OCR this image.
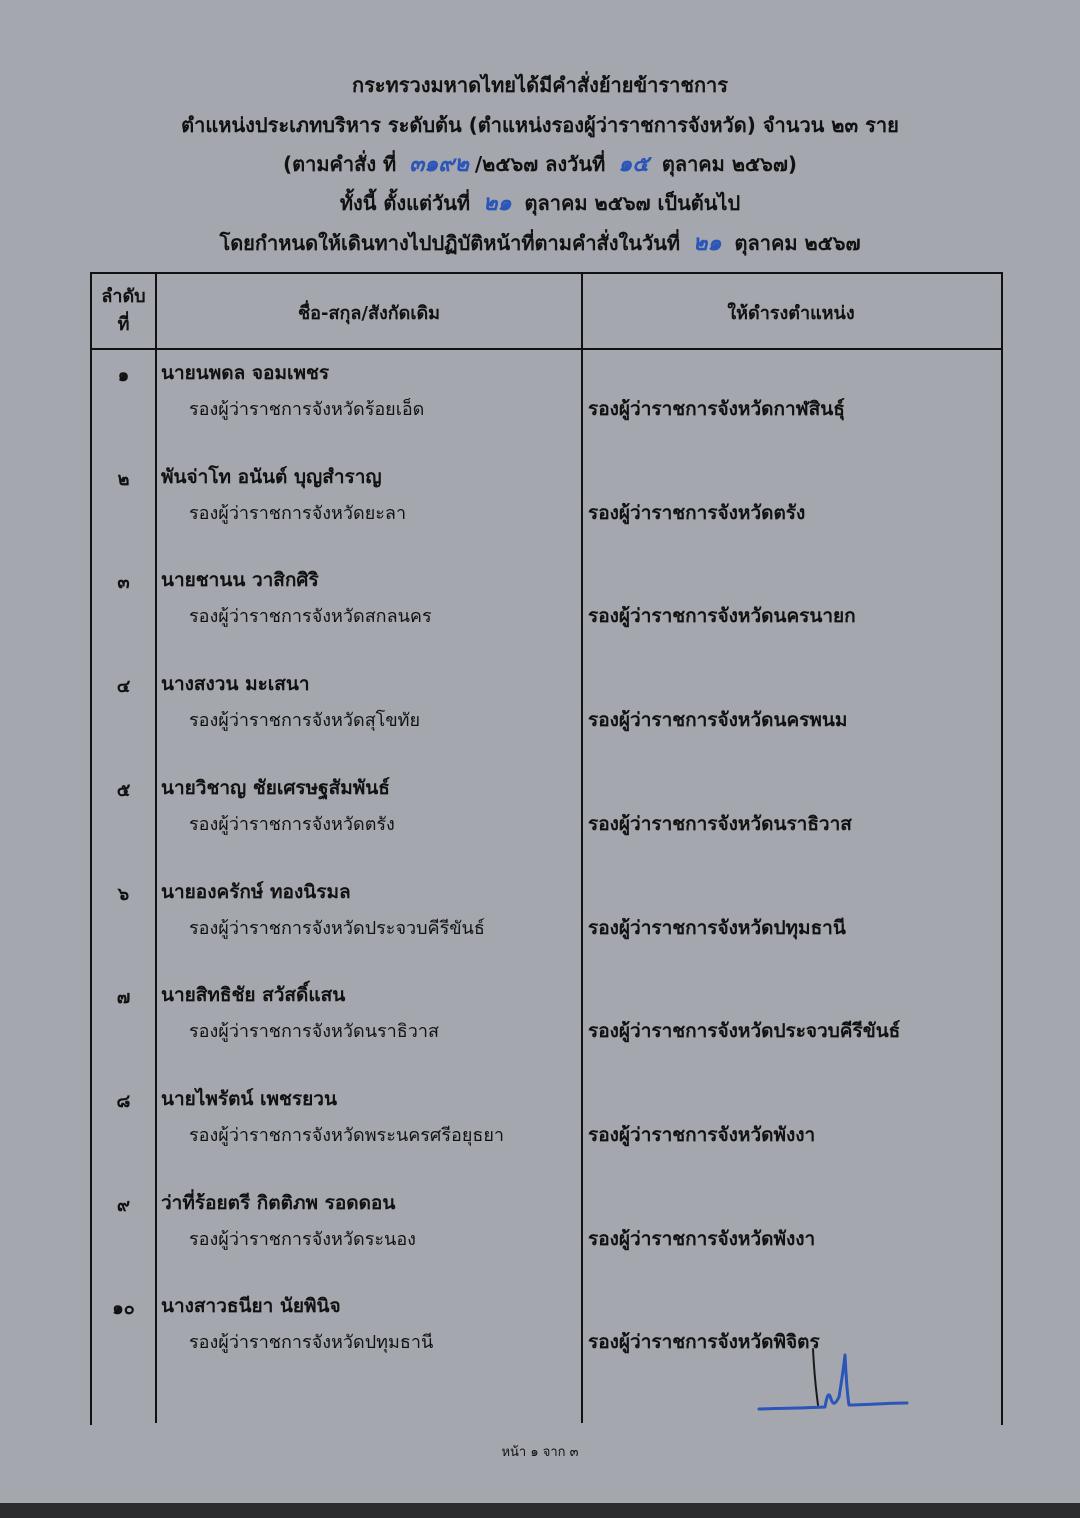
กระทรวงมหาดไทยได้มีคำสั่งย้ายข้าราชการ
ตำแหน่งประเภทบริหาร ระดับต้น (ตำแหน่งรองผู้ว่าราชการจังหวัด) จำนวน ๒๓ ราย
(ตามคำสั่ง ที่ ๓๑๙๒ /๒๕๖๗ ลงวันที่ ๑๕ ตุลาคม ๒๕๖๗)
ทั้งนี้ ตั้งแต่วันที่ ๒๑ ตุลาคม ๒๕๖๗ เป็นต้นไป
โดยกำหนดให้เดินทางไปปฏิบัติหน้าที่ตามคำสั่งในวันที่ ๒๑ ตุลาคม ๒๕๖๗
ลำดับ
ที่
ชื่อ-สกุล/สังกัดเดิม	ให้ดำรงตำแหน่ง
๑	นายนพดล จอมเพชร
รองผู้ว่าราชการจังหวัดร้อยเอ็ด	รองผู้ว่าราชการจังหวัดกาฬสินธุ์
๒	พันจ่าโท อนันต์ บุญสำราญ
รองผู้ว่าราชการจังหวัดยะลา	รองผู้ว่าราชการจังหวัดตรัง
๓	นายชานน วาสิกศิริ
รองผู้ว่าราชการจังหวัดสกลนคร	รองผู้ว่าราชการจังหวัดนครนายก
๔	นางสงวน มะเสนา
รองผู้ว่าราชการจังหวัดสุโขทัย	รองผู้ว่าราชการจังหวัดนครพนม
๕	นายวิชาญ ชัยเศรษฐสัมพันธ์
รองผู้ว่าราชการจังหวัดตรัง	รองผู้ว่าราชการจังหวัดนราธิวาส
๖	นายองครักษ์ ทองนิรมล
รองผู้ว่าราชการจังหวัดประจวบคีรีขันธ์	รองผู้ว่าราชการจังหวัดปทุมธานี
๗	นายสิทธิชัย สวัสดิ์แสน
รองผู้ว่าราชการจังหวัดนราธิวาส	รองผู้ว่าราชการจังหวัดประจวบคีรีขันธ์
๘	นายไพรัตน์ เพชรยวน
รองผู้ว่าราชการจังหวัดพระนครศรีอยุธยา	รองผู้ว่าราชการจังหวัดพังงา
๙	ว่าที่ร้อยตรี กิตติภพ รอดดอน
รองผู้ว่าราชการจังหวัดระนอง	รองผู้ว่าราชการจังหวัดพังงา
๑๐	นางสาวธนียา นัยพินิจ
รองผู้ว่าราชการจังหวัดปทุมธานี	รองผู้ว่าราชการจังหวัดพิจิตร
หน้า ๑ จาก ๓
